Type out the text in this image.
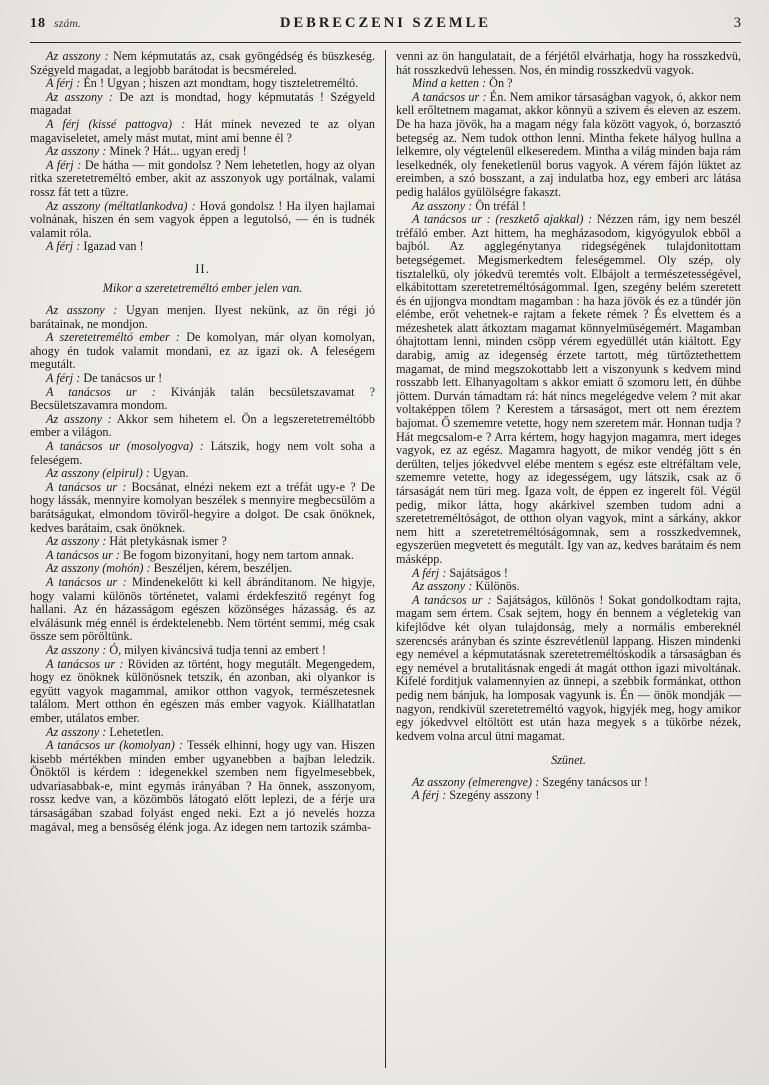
18 szám.	DEBRECZENI SZEMLE	3

Az asszony : Nem képmutatás az, csak gyöngédség és büszkeség. Szégyeld magadat, a legjobb barátodat is becsméreled.

A férj : Én ! Ugyan ; hiszen azt mondtam, hogy tiszteletreméltó.

Az asszony : De azt is mondtad, hogy képmutatás ! Szégyeld magadat

A férj (kissé pattogva) : Hát minek nevezed te az olyan magaviseletet, amely mást mutat, mint ami benne él ?

Az asszony : Minek ? Hát... ugyan eredj !

A férj : De hátha — mit gondolsz ? Nem lehetetlen, hogy az olyan ritka szeretetreméltó ember, akit az asszonyok ugy portálnak, valami rossz fát tett a tüzre.

Az asszony (méltatlankodva) : Hová gondolsz ! Ha ilyen hajlamai volnának, hiszen én sem vagyok éppen a legutolsó, — én is tudnék valamit róla.

A férj : Igazad van !

II.

Mikor a szeretetreméltó ember jelen van.

Az asszony : Ugyan menjen. Ilyest nekünk, az ön régi jó barátainak, ne mondjon.

A szeretetreméltó ember : De komolyan, már olyan komolyan, ahogy én tudok valamit mondani, ez az igazi ok. A feleségem megutált.

A férj : De tanácsos ur !

A tanácsos ur : Kivánják talán becsületszavamat ? Becsületszavamra mondom.

Az asszony : Akkor sem hihetem el. Ön a legszeretetreméltóbb ember a világon.

A tanácsos ur (mosolyogva) : Látszik, hogy nem volt soha a feleségem.

Az asszony (elpirul) : Ugyan.

A tanácsos ur : Bocsánat, elnézi nekem ezt a tréfát ugy-e ? De hogy lássák, mennyire komolyan beszélek s mennyire megbecsülöm a barátságukat, elmondom töviről-hegyire a dolgot. De csak önöknek, kedves barátaim, csak önöknek.

Az asszony : Hát pletykásnak ismer ?

A tanácsos ur : Be fogom bizonyitani, hogy nem tartom annak.

Az asszony (mohón) : Beszéljen, kérem, beszéljen.

A tanácsos ur : Mindenekelőtt ki kell ábránditanom. Ne higyje, hogy valami különös történetet, valami érdekfeszitő regényt fog hallani. Az én házasságom egészen közönséges házasság. és az elválásunk még ennél is érdektelenebb. Nem történt semmi, még csak össze sem pöröltünk.

Az asszony : Ó, milyen kiváncsivá tudja tenni az embert !

A tanácsos ur : Röviden az történt, hogy megutált. Megengedem, hogy ez önöknek különösnek tetszik, én azonban, aki olyankor is együtt vagyok magammal, amikor otthon vagyok, természetesnek találom. Mert otthon én egészen más ember vagyok. Kiállhatatlan ember, utálatos ember.

Az asszony : Lehetetlen.

A tanácsos ur (komolyan) : Tessék elhinni, hogy ugy van. Hiszen kisebb mértékben minden ember ugyanebben a bajban leledzik. Önöktől is kérdem : idegenekkel szemben nem figyelmesebbek, udvariasabbak-e, mint egymás irányában ? Ha önnek, asszonyom, rossz kedve van, a közömbös látogató előtt leplezi, de a férje ura társaságában szabad folyást enged neki. Ezt a jó nevelés hozza magával, meg a bensőség élénk joga. Az idegen nem tartozik számba-

venni az ön hangulatait, de a férjétől elvárhatja, hogy ha rosszkedvü, hát rosszkedvü lehessen. Nos, én mindig rosszkedvü vagyok.

Mind a ketten : Ön ?

A tanácsos ur : Én. Nem amikor társaságban vagyok, ó, akkor nem kell erőltetnem magamat, akkor könnyü a szivem és eleven az eszem. De ha haza jövök, ha a magam négy fala között vagyok, ó, borzasztó betegség az. Nem tudok otthon lenni. Mintha fekete hályog hullna a lelkemre, oly végtelenül elkeseredem. Mintha a világ minden baja rám leselkednék, oly feneketlenül borus vagyok. A vérem fájón lüktet az ereimben, a szó bosszant, a zaj indulatba hoz, egy emberi arc látása pedig halálos gyülölségre fakaszt.

Az asszony : Ön tréfál !

A tanácsos ur : (reszkető ajakkal) : Nézzen rám, igy nem beszél tréfáló ember. Azt hittem, ha megházasodom, kigyógyulok ebből a bajból. Az agglegénytanya ridegségének tulajdonitottam betegségemet. Megismerkedtem feleségemmel. Oly szép, oly tisztalelkü, oly jókedvü teremtés volt. Elbájolt a természetességével, elkábitottam szeretetreméltóságommal. Igen, szegény belém szeretett és én ujjongva mondtam magamban : ha haza jövök és ez a tündér jön elémbe, erőt vehetnek-e rajtam a fekete rémek ? És elvettem és a mézeshetek alatt átkoztam magamat könnyelmüségemért. Magamban óhajtottam lenni, minden csöpp vérem egyedüllét után kiáltott. Egy darabig, amig az idegenség érzete tartott, még türtőztethettem magamat, de mind megszokottabb lett a viszonyunk s kedvem mind rosszabb lett. Elhanyagoltam s akkor emiatt ő szomoru lett, én dühbe jöttem. Durván támadtam rá: hát nincs megelégedve velem ? mit akar voltaképpen tőlem ? Kerestem a társaságot, mert ott nem éreztem bajomat. Ő szememre vetette, hogy nem szeretem már. Honnan tudja ? Hát megcsalom-e ? Arra kértem, hogy hagyjon magamra, mert ideges vagyok, ez az egész. Magamra hagyott, de mikor vendég jött s én derülten, teljes jókedvvel elébe mentem s egész este eltréfáltam vele, szememre vetette, hogy az idegességem, ugy látszik, csak az ő társaságát nem türi meg. Igaza volt, de éppen ez ingerelt föl. Végül pedig, mikor látta, hogy akárkivel szemben tudom adni a szeretetreméltóságot, de otthon olyan vagyok, mint a sárkány, akkor nem hitt a szeretetreméltóságomnak, sem a rosszkedvemnek, egyszerüen megvetett és megutált. Igy van az, kedves barátaim és nem másképp.

A férj : Sajátságos !

Az asszony : Különös.

A tanácsos ur : Sajátságos, különös ! Sokat gondolkodtam rajta, magam sem értem. Csak sejtem, hogy én bennem a végletekig van kifejlődve két olyan tulajdonság, mely a normális embereknél szerencsés arányban és szinte észrevétlenül lappang. Hiszen mindenki egy nemével a képmutatásnak szeretetreméltóskodik a társaságban és egy nemével a brutalitásnak engedi át magát otthon igazi mivoltának. Kifelé forditjuk valamennyien az ünnepi, a szebbik formánkat, otthon pedig nem bánjuk, ha lomposak vagyunk is. Én — önök mondják — nagyon, rendkivül szeretetreméltó vagyok, higyjék meg, hogy amikor egy jókedvvel eltöltött est után haza megyek s a tükörbe nézek, kedvem volna arcul ütni magamat.

Szünet.

Az asszony (elmerengve) : Szegény tanácsos ur !

A férj : Szegény asszony !
